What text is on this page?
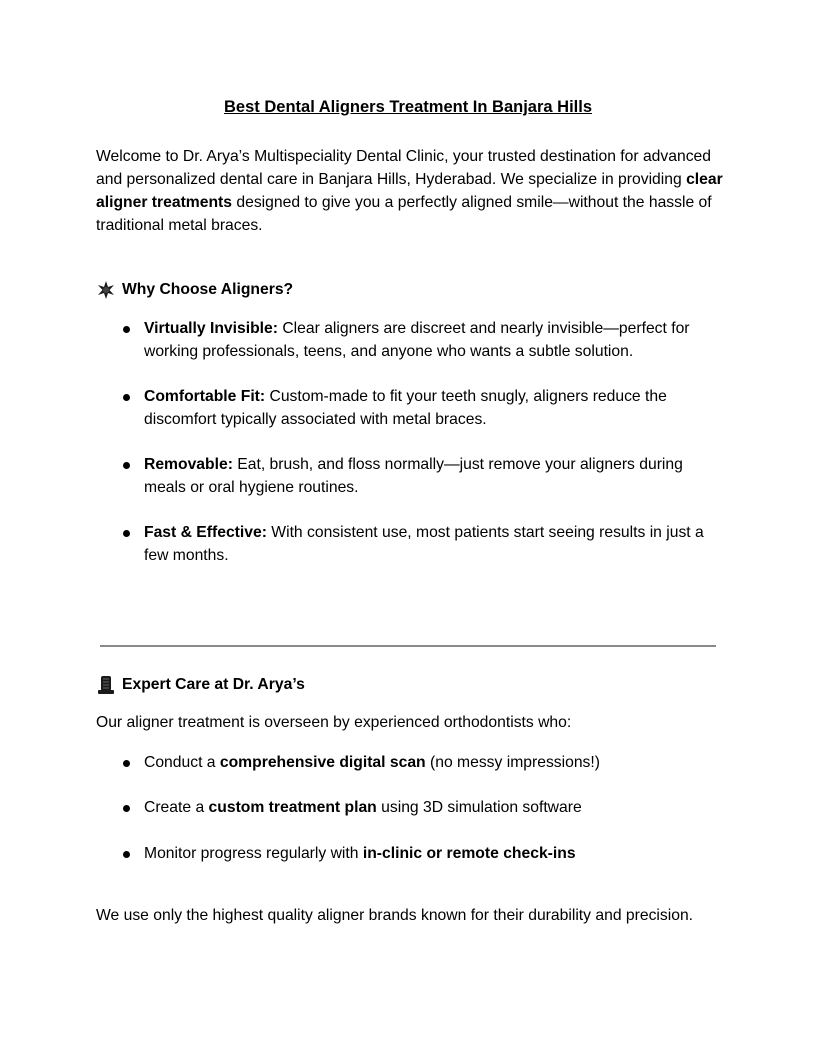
Best Dental Aligners Treatment In Banjara Hills

Welcome to Dr. Arya’s Multispeciality Dental Clinic, your trusted destination for advanced and personalized dental care in Banjara Hills, Hyderabad. We specialize in providing clear aligner treatments designed to give you a perfectly aligned smile—without the hassle of traditional metal braces.

Why Choose Aligners?
Virtually Invisible: Clear aligners are discreet and nearly invisible—perfect for working professionals, teens, and anyone who wants a subtle solution.
Comfortable Fit: Custom-made to fit your teeth snugly, aligners reduce the discomfort typically associated with metal braces.
Removable: Eat, brush, and floss normally—just remove your aligners during meals or oral hygiene routines.
Fast & Effective: With consistent use, most patients start seeing results in just a few months.
Expert Care at Dr. Arya’s

Our aligner treatment is overseen by experienced orthodontists who:

Conduct a comprehensive digital scan (no messy impressions!)
Create a custom treatment plan using 3D simulation software
Monitor progress regularly with in-clinic or remote check-ins

We use only the highest quality aligner brands known for their durability and precision.
